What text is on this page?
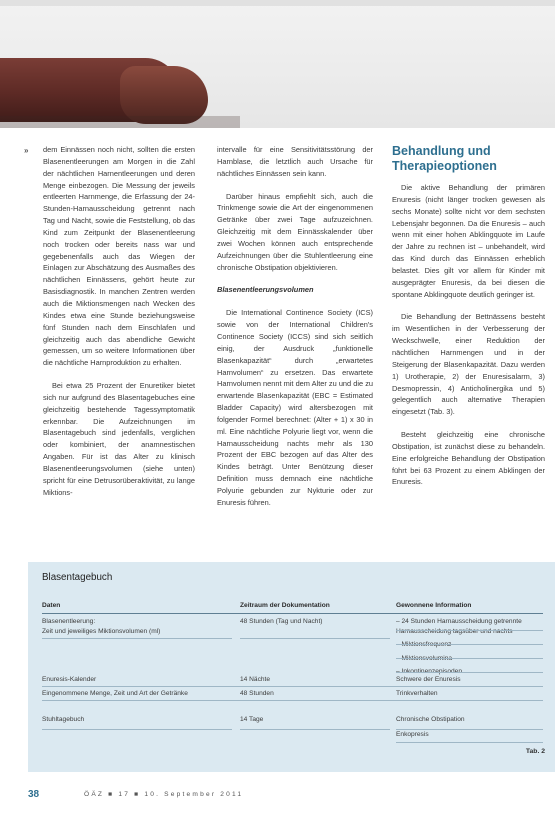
» dem Einnässen noch nicht, sollten die ersten Blasenentleerungen am Morgen in die Zahl der nächtlichen Harnentleerungen und deren Menge einbezogen. Die Messung der jeweils entleerten Harnmenge, die Erfassung der 24-Stunden-Harnausscheidung getrennt nach Tag und Nacht, sowie die Feststellung, ob das Kind zum Zeitpunkt der Blasenentleerung noch trocken oder bereits nass war und gegebenenfalls auch das Wiegen der Einlagen zur Abschätzung des Ausmaßes des nächtlichen Einnässens, gehört heute zur Basisdiagnostik. In manchen Zentren werden auch die Miktionsmengen nach Wecken des Kindes etwa eine Stunde beziehungsweise fünf Stunden nach dem Einschlafen und gleichzeitig auch das abendliche Gewicht gemessen, um so weitere Informationen über die nächtliche Harnproduktion zu erhalten.

Bei etwa 25 Prozent der Enuretiker bietet sich nur aufgrund des Blasentagebuches eine gleichzeitig bestehende Tagessymptomatik erkennbar. Die Aufzeichnungen im Blasentagebuch sind jedenfalls, verglichen oder kombiniert, der anamnestischen Angaben. Für ist das Alter zu klinisch Blasenentleerungsvolumen (siehe unten) spricht für eine Detrusorüberaktivität, zu lange Miktions-

intervalle für eine Sensitivitätsstörung der Harnblase, die letztlich auch Ursache für nächtliches Einnässen sein kann.

Darüber hinaus empfiehlt sich, auch die Trinkmenge sowie die Art der eingenommenen Getränke über zwei Tage aufzuzeichnen. Gleichzeitig mit dem Einnässkalender über zwei Wochen können auch entsprechende Aufzeichnungen über die Stuhlentleerung eine chronische Obstipation objektivieren.

Blasenentleerungsvolumen

Die International Continence Society (ICS) sowie von der International Children's Continence Society (ICCS) sind sich seitlich einig, der Ausdruck „funktionelle Blasenkapazität“ durch „erwartetes Harnvolumen“ zu ersetzen. Das erwartete Harnvolumen nennt mit dem Alter zu und die zu erwartende Blasenkapazität (EBC = Estimated Bladder Capacity) wird altersbezogen mit folgender Formel berechnet: (Alter + 1) x 30 in ml. Eine nächtliche Polyurie liegt vor, wenn die Harnausscheidung nachts mehr als 130 Prozent der EBC bezogen auf das Alter des Kindes beträgt. Unter Benützung dieser Definition muss demnach eine nächtliche Polyurie gebunden zur Nykturie oder zur Enuresis führen.

Behandlung und Therapieoptionen

Die aktive Behandlung der primären Enuresis (nicht länger trocken gewesen als sechs Monate) sollte nicht vor dem sechsten Lebensjahr begonnen. Da die Enuresis – auch wenn mit einer hohen Abklingquote im Laufe der Jahre zu rechnen ist – unbehandelt, wird das Kind durch das Einnässen erheblich belastet. Dies gilt vor allem für Kinder mit ausgeprägter Enuresis, da bei diesen die spontane Abklingquote deutlich geringer ist.

Die Behandlung der Bettnässens besteht im Wesentlichen in der Verbesserung der Weckschwelle, einer Reduktion der nächtlichen Harnmengen und in der Steigerung der Blasenkapazität. Dazu werden 1) Urotherapie, 2) der Enuresisalarm, 3) Desmopressin, 4) Anticholinergika und 5) gelegentlich auch alternative Therapien eingesetzt (Tab. 3).

Besteht gleichzeitig eine chronische Obstipation, ist zunächst diese zu behandeln. Eine erfolgreiche Behandlung der Obstipation führt bei 63 Prozent zu einem Abklingen der Enuresis.

Blasentagebuch
Daten	Zeitraum der Dokumentation	Gewonnene Information
Blasenentleerung:
Zeit und jeweiliges Miktionsvolumen (ml)
48 Stunden (Tag und Nacht)	– 24 Stunden Harnausscheidung getrennte Harnausscheidung tagsüber und nachts
– Miktionsfrequenz
– Miktionsvolumina
– Inkontinenzepisoden
Enuresis-Kalender	14 Nächte	Schwere der Enuresis
Eingenommene Menge, Zeit und Art der Getränke	48 Stunden	Trinkverhalten
Stuhltagebuch	14 Tage	Chronische Obstipation
Enkopresis
Tab. 2
38	ÖÄZ ■ 17 ■ 10. September 2011
